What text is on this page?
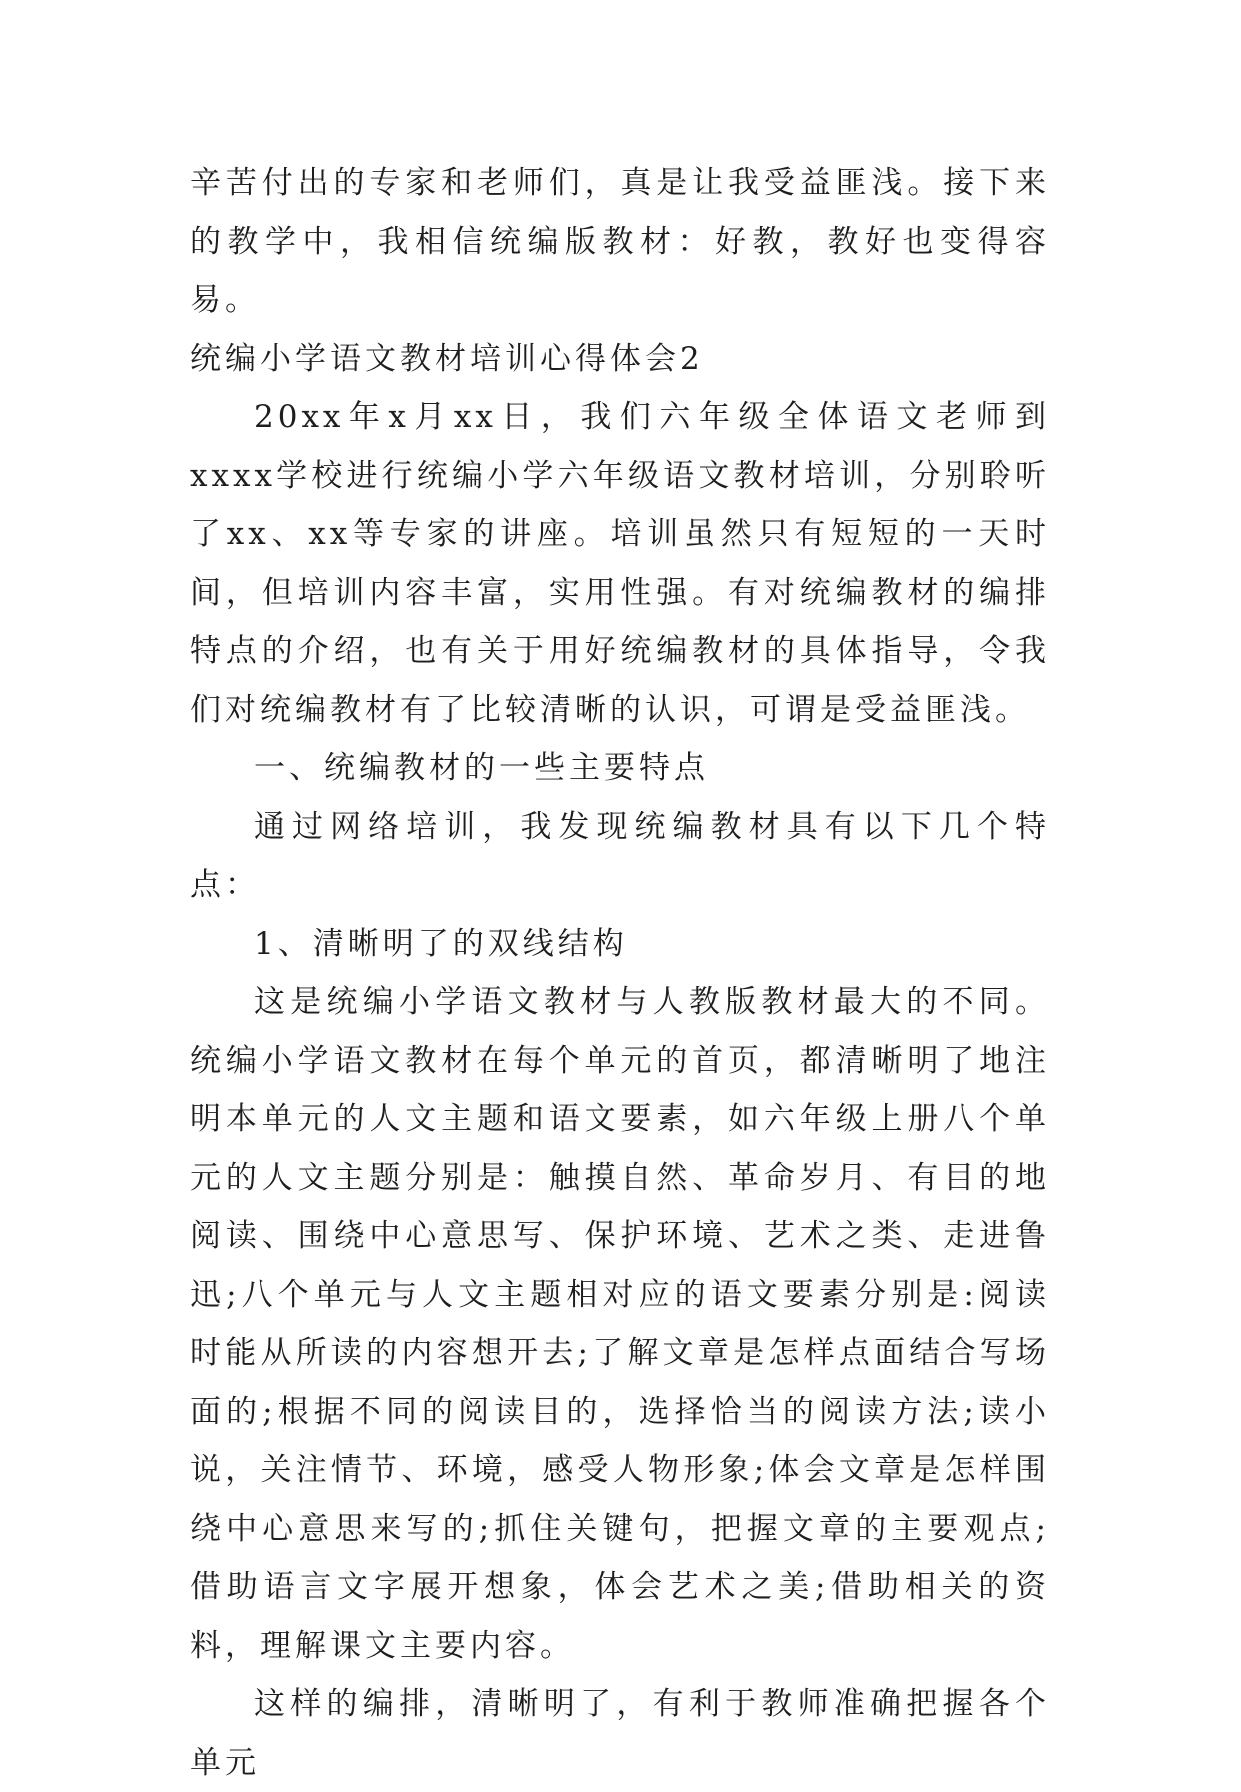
辛苦付出的专家和老师们，真是让我受益匪浅。接下来的教学中，我相信统编版教材：好教，教好也变得容易。

统编小学语文教材培训心得体会2

20xx年x月xx日，我们六年级全体语文老师到xxxx学校进行统编小学六年级语文教材培训，分别聆听了xx、xx等专家的讲座。培训虽然只有短短的一天时间，但培训内容丰富，实用性强。有对统编教材的编排特点的介绍，也有关于用好统编教材的具体指导，令我们对统编教材有了比较清晰的认识，可谓是受益匪浅。

一、统编教材的一些主要特点

通过网络培训，我发现统编教材具有以下几个特点：

1、清晰明了的双线结构

这是统编小学语文教材与人教版教材最大的不同。统编小学语文教材在每个单元的首页，都清晰明了地注明本单元的人文主题和语文要素，如六年级上册八个单元的人文主题分别是：触摸自然、革命岁月、有目的地阅读、围绕中心意思写、保护环境、艺术之类、走进鲁迅;八个单元与人文主题相对应的语文要素分别是:阅读时能从所读的内容想开去;了解文章是怎样点面结合写场面的;根据不同的阅读目的，选择恰当的阅读方法;读小说，关注情节、环境，感受人物形象;体会文章是怎样围绕中心意思来写的;抓住关键句，把握文章的主要观点;借助语言文字展开想象，体会艺术之美;借助相关的资料，理解课文主要内容。

这样的编排，清晰明了，有利于教师准确把握各个单元
